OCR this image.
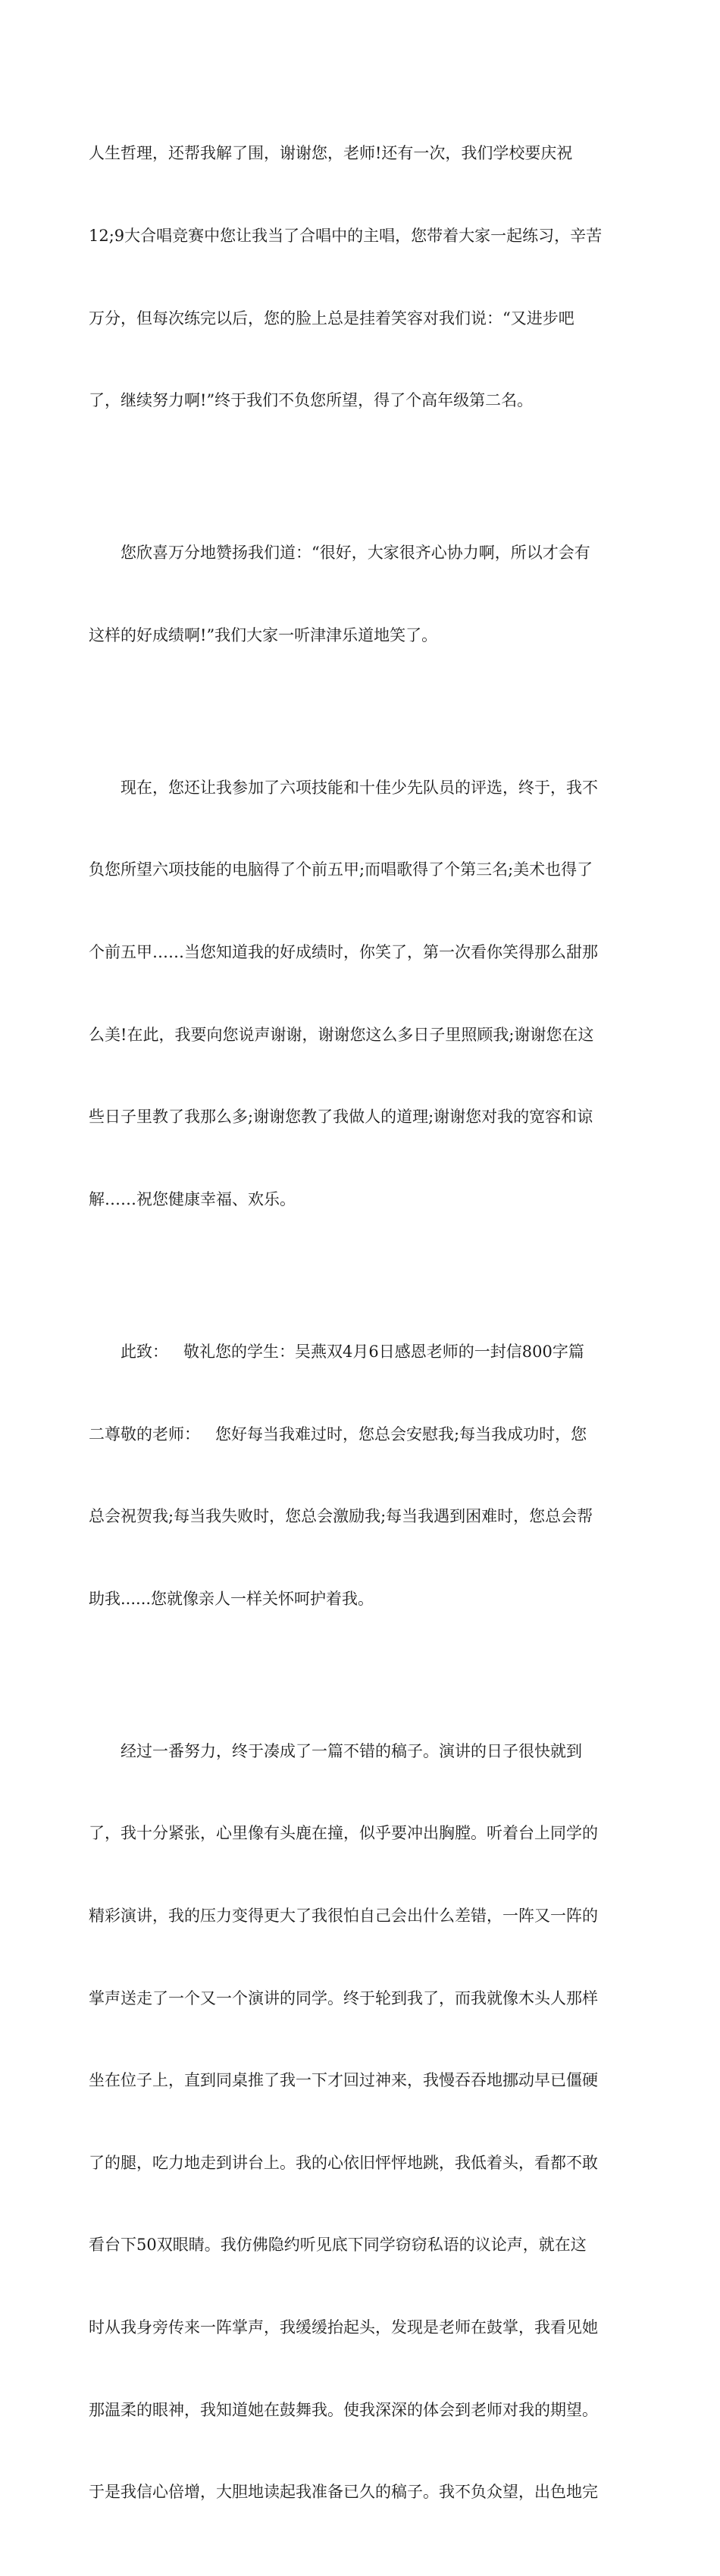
人生哲理，还帮我解了围，谢谢您，老师!还有一次，我们学校要庆祝

12;9大合唱竞赛中您让我当了合唱中的主唱，您带着大家一起练习，辛苦

万分，但每次练完以后，您的脸上总是挂着笑容对我们说：“又进步吧

了，继续努力啊!”终于我们不负您所望，得了个高年级第二名。

您欣喜万分地赞扬我们道：“很好，大家很齐心协力啊，所以才会有

这样的好成绩啊!”我们大家一听津津乐道地笑了。

现在，您还让我参加了六项技能和十佳少先队员的评选，终于，我不

负您所望六项技能的电脑得了个前五甲;而唱歌得了个第三名;美术也得了

个前五甲……当您知道我的好成绩时，你笑了，第一次看你笑得那么甜那

么美!在此，我要向您说声谢谢，谢谢您这么多日子里照顾我;谢谢您在这

些日子里教了我那么多;谢谢您教了我做人的道理;谢谢您对我的宽容和谅

解……祝您健康幸福、欢乐。

此致：   敬礼您的学生：吴燕双4月6日感恩老师的一封信800字篇

二尊敬的老师：   您好每当我难过时，您总会安慰我;每当我成功时，您

总会祝贺我;每当我失败时，您总会激励我;每当我遇到困难时，您总会帮

助我......您就像亲人一样关怀呵护着我。

经过一番努力，终于凑成了一篇不错的稿子。演讲的日子很快就到

了，我十分紧张，心里像有头鹿在撞，似乎要冲出胸膛。听着台上同学的

精彩演讲，我的压力变得更大了我很怕自己会出什么差错，一阵又一阵的

掌声送走了一个又一个演讲的同学。终于轮到我了，而我就像木头人那样

坐在位子上，直到同桌推了我一下才回过神来，我慢吞吞地挪动早已僵硬

了的腿，吃力地走到讲台上。我的心依旧怦怦地跳，我低着头，看都不敢

看台下50双眼睛。我仿佛隐约听见底下同学窃窃私语的议论声，就在这

时从我身旁传来一阵掌声，我缓缓抬起头，发现是老师在鼓掌，我看见她

那温柔的眼神，我知道她在鼓舞我。使我深深的体会到老师对我的期望。

于是我信心倍增，大胆地读起我准备已久的稿子。我不负众望，出色地完
